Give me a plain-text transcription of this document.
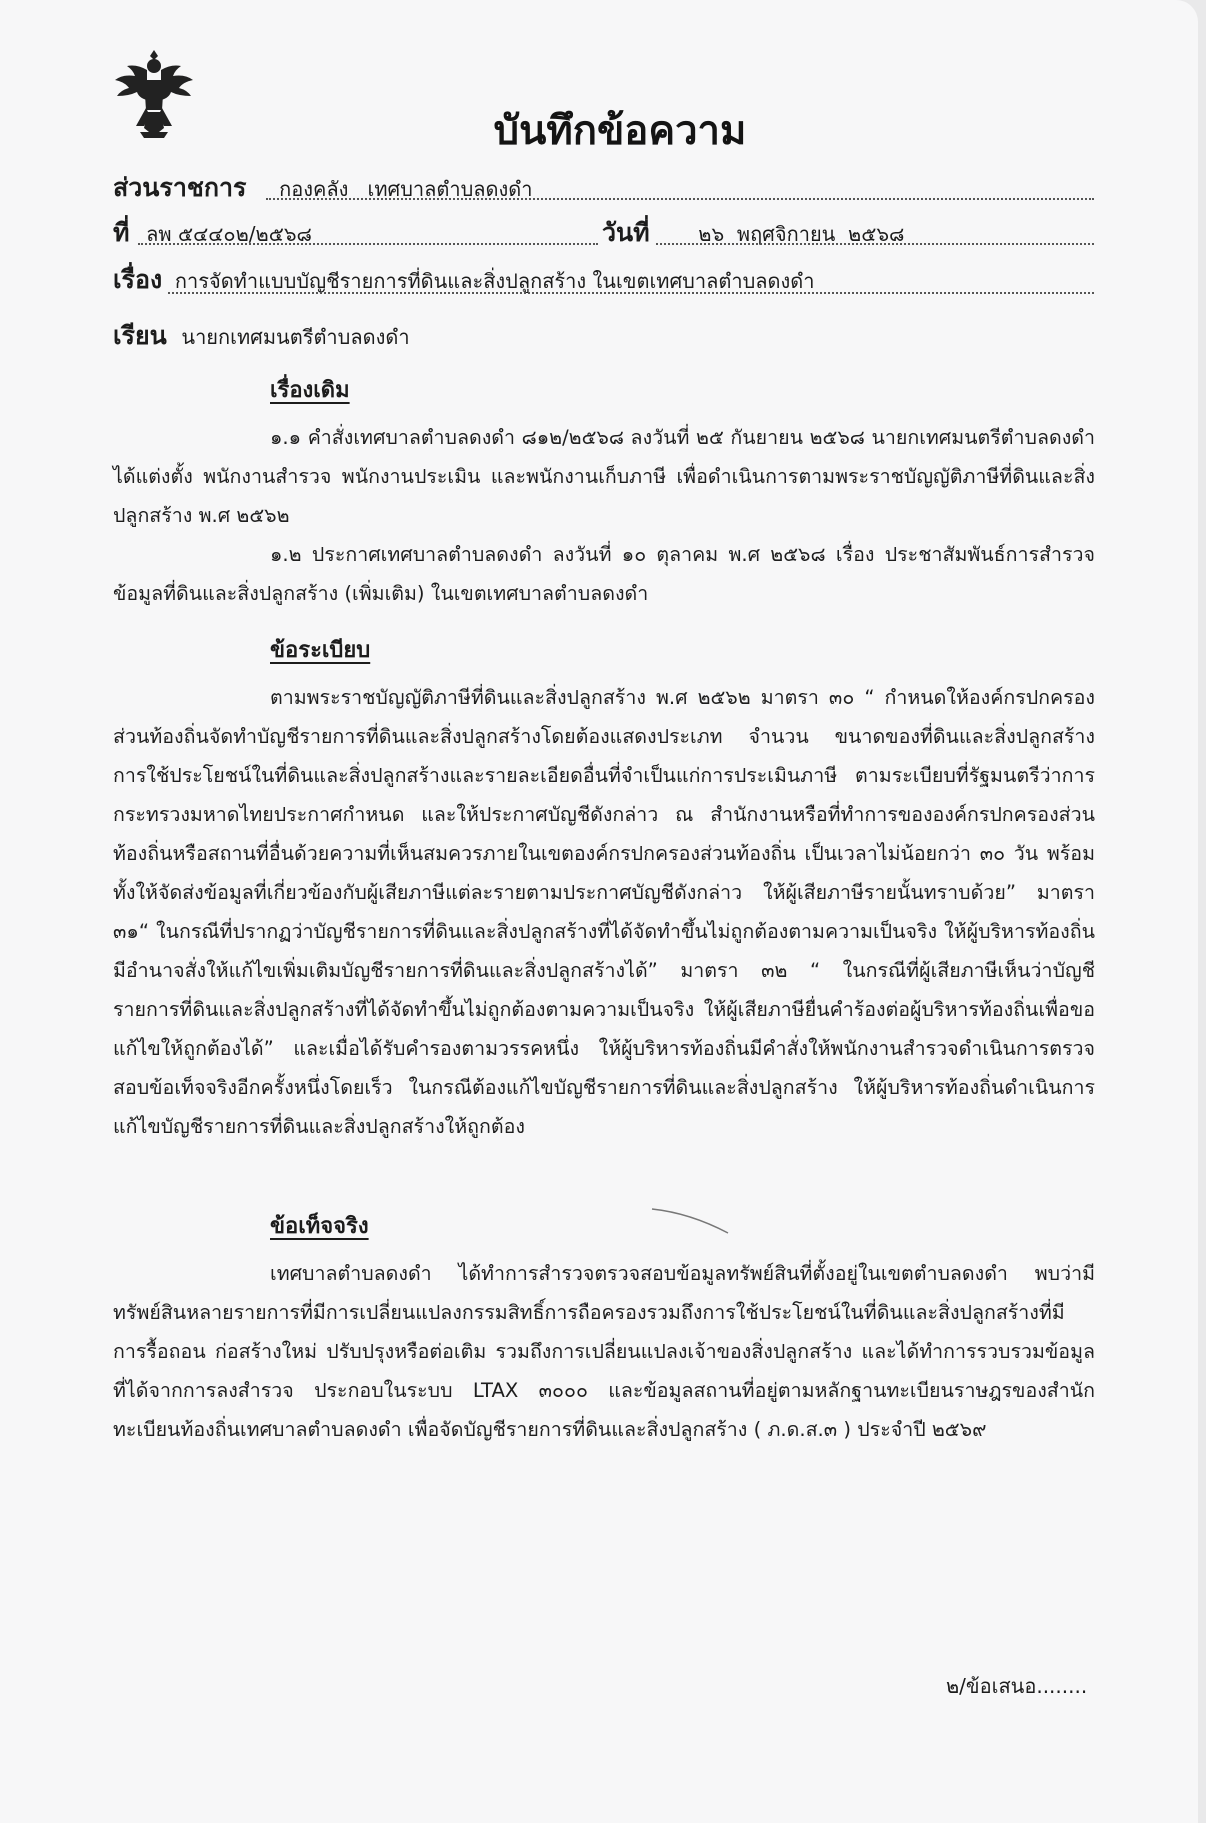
บันทึกข้อความ
ส่วนราชการ กองคลัง   เทศบาลตำบลดงดำ
ที่ ลพ ๕๔๔๐๒/๒๕๖๘	วันที่ ๒๖  พฤศจิกายน  ๒๕๖๘
เรื่อง การจัดทำแบบบัญชีรายการที่ดินและสิ่งปลูกสร้าง ในเขตเทศบาลตำบลดงดำ
เรียน นายกเทศมนตรีตำบลดงดำ
เรื่องเดิม

๑.๑ คำสั่งเทศบาลตำบลดงดำ ๘๑๒/๒๕๖๘ ลงวันที่ ๒๕ กันยายน ๒๕๖๘ นายกเทศมนตรีตำบลดงดำ ได้แต่งตั้ง พนักงานสำรวจ พนักงานประเมิน และพนักงานเก็บภาษี เพื่อดำเนินการตามพระราชบัญญัติภาษีที่ดินและสิ่งปลูกสร้าง พ.ศ ๒๕๖๒

๑.๒ ประกาศเทศบาลตำบลดงดำ ลงวันที่ ๑๐ ตุลาคม พ.ศ ๒๕๖๘ เรื่อง ประชาสัมพันธ์การสำรวจข้อมูลที่ดินและสิ่งปลูกสร้าง (เพิ่มเติม) ในเขตเทศบาลตำบลดงดำ

ข้อระเบียบ

ตามพระราชบัญญัติภาษีที่ดินและสิ่งปลูกสร้าง พ.ศ ๒๕๖๒ มาตรา ๓๐ “ กำหนดให้องค์กรปกครองส่วนท้องถิ่นจัดทำบัญชีรายการที่ดินและสิ่งปลูกสร้างโดยต้องแสดงประเภท จำนวน ขนาดของที่ดินและสิ่งปลูกสร้าง การใช้ประโยชน์ในที่ดินและสิ่งปลูกสร้างและรายละเอียดอื่นที่จำเป็นแก่การประเมินภาษี ตามระเบียบที่รัฐมนตรีว่าการกระทรวงมหาดไทยประกาศกำหนด และให้ประกาศบัญชีดังกล่าว ณ สำนักงานหรือที่ทำการขององค์กรปกครองส่วนท้องถิ่นหรือสถานที่อื่นด้วยความที่เห็นสมควรภายในเขตองค์กรปกครองส่วนท้องถิ่น เป็นเวลาไม่น้อยกว่า ๓๐ วัน พร้อมทั้งให้จัดส่งข้อมูลที่เกี่ยวข้องกับผู้เสียภาษีแต่ละรายตามประกาศบัญชีดังกล่าว ให้ผู้เสียภาษีรายนั้นทราบด้วย” มาตรา ๓๑“ ในกรณีที่ปรากฏว่าบัญชีรายการที่ดินและสิ่งปลูกสร้างที่ได้จัดทำขึ้นไม่ถูกต้องตามความเป็นจริง ให้ผู้บริหารท้องถิ่นมีอำนาจสั่งให้แก้ไขเพิ่มเติมบัญชีรายการที่ดินและสิ่งปลูกสร้างได้” มาตรา ๓๒ “ ในกรณีที่ผู้เสียภาษีเห็นว่าบัญชีรายการที่ดินและสิ่งปลูกสร้างที่ได้จัดทำขึ้นไม่ถูกต้องตามความเป็นจริง ให้ผู้เสียภาษียื่นคำร้องต่อผู้บริหารท้องถิ่นเพื่อขอแก้ไขให้ถูกต้องได้” และเมื่อได้รับคำรองตามวรรคหนึ่ง ให้ผู้บริหารท้องถิ่นมีคำสั่งให้พนักงานสำรวจดำเนินการตรวจสอบข้อเท็จจริงอีกครั้งหนึ่งโดยเร็ว ในกรณีต้องแก้ไขบัญชีรายการที่ดินและสิ่งปลูกสร้าง ให้ผู้บริหารท้องถิ่นดำเนินการแก้ไขบัญชีรายการที่ดินและสิ่งปลูกสร้างให้ถูกต้อง

ข้อเท็จจริง

เทศบาลตำบลดงดำ ได้ทำการสำรวจตรวจสอบข้อมูลทรัพย์สินที่ตั้งอยู่ในเขตตำบลดงดำ พบว่ามีทรัพย์สินหลายรายการที่มีการเปลี่ยนแปลงกรรมสิทธิ์การถือครองรวมถึงการใช้ประโยชน์ในที่ดินและสิ่งปลูกสร้างที่มีการรื้อถอน ก่อสร้างใหม่ ปรับปรุงหรือต่อเติม รวมถึงการเปลี่ยนแปลงเจ้าของสิ่งปลูกสร้าง และได้ทำการรวบรวมข้อมูลที่ได้จากการลงสำรวจ ประกอบในระบบ LTAX ๓๐๐๐ และข้อมูลสถานที่อยู่ตามหลักฐานทะเบียนราษฎรของสำนักทะเบียนท้องถิ่นเทศบาลตำบลดงดำ เพื่อจัดบัญชีรายการที่ดินและสิ่งปลูกสร้าง ( ภ.ด.ส.๓ ) ประจำปี ๒๕๖๙

๒/ข้อเสนอ........
